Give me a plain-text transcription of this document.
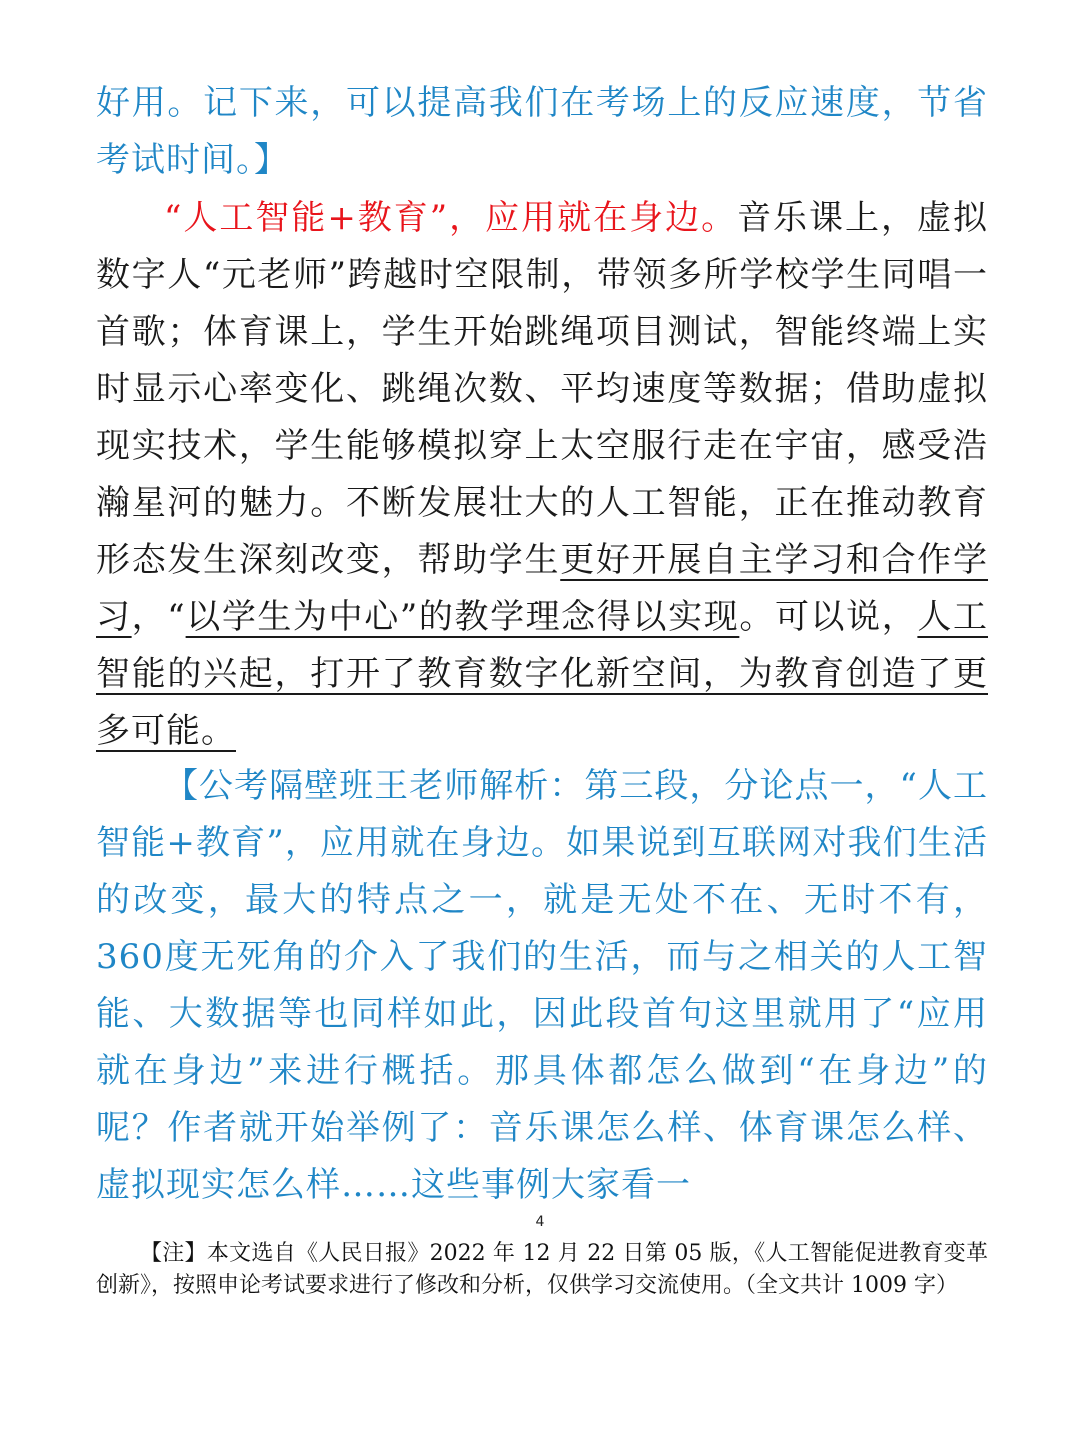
好用。记下来，可以提高我们在考场上的反应速度，节省考试时间。】

“人工智能+教育”，应用就在身边。音乐课上，虚拟数字人“元老师”跨越时空限制，带领多所学校学生同唱一首歌；体育课上，学生开始跳绳项目测试，智能终端上实时显示心率变化、跳绳次数、平均速度等数据；借助虚拟现实技术，学生能够模拟穿上太空服行走在宇宙，感受浩瀚星河的魅力。不断发展壮大的人工智能，正在推动教育形态发生深刻改变，帮助学生更好开展自主学习和合作学习，“以学生为中心”的教学理念得以实现。可以说，人工智能的兴起，打开了教育数字化新空间，为教育创造了更多可能。

【公考隔壁班王老师解析：第三段，分论点一，“人工智能+教育”，应用就在身边。如果说到互联网对我们生活的改变，最大的特点之一，就是无处不在、无时不有，360度无死角的介入了我们的生活，而与之相关的人工智能、大数据等也同样如此，因此段首句这里就用了“应用就在身边”来进行概括。那具体都怎么做到“在身边”的呢？作者就开始举例了：音乐课怎么样、体育课怎么样、虚拟现实怎么样……这些事例大家看一

4

【注】本文选自《人民日报》2022 年 12 月 22 日第 05 版，《人工智能促进教育变革创新》，按照申论考试要求进行了修改和分析，仅供学习交流使用。（全文共计 1009 字）
